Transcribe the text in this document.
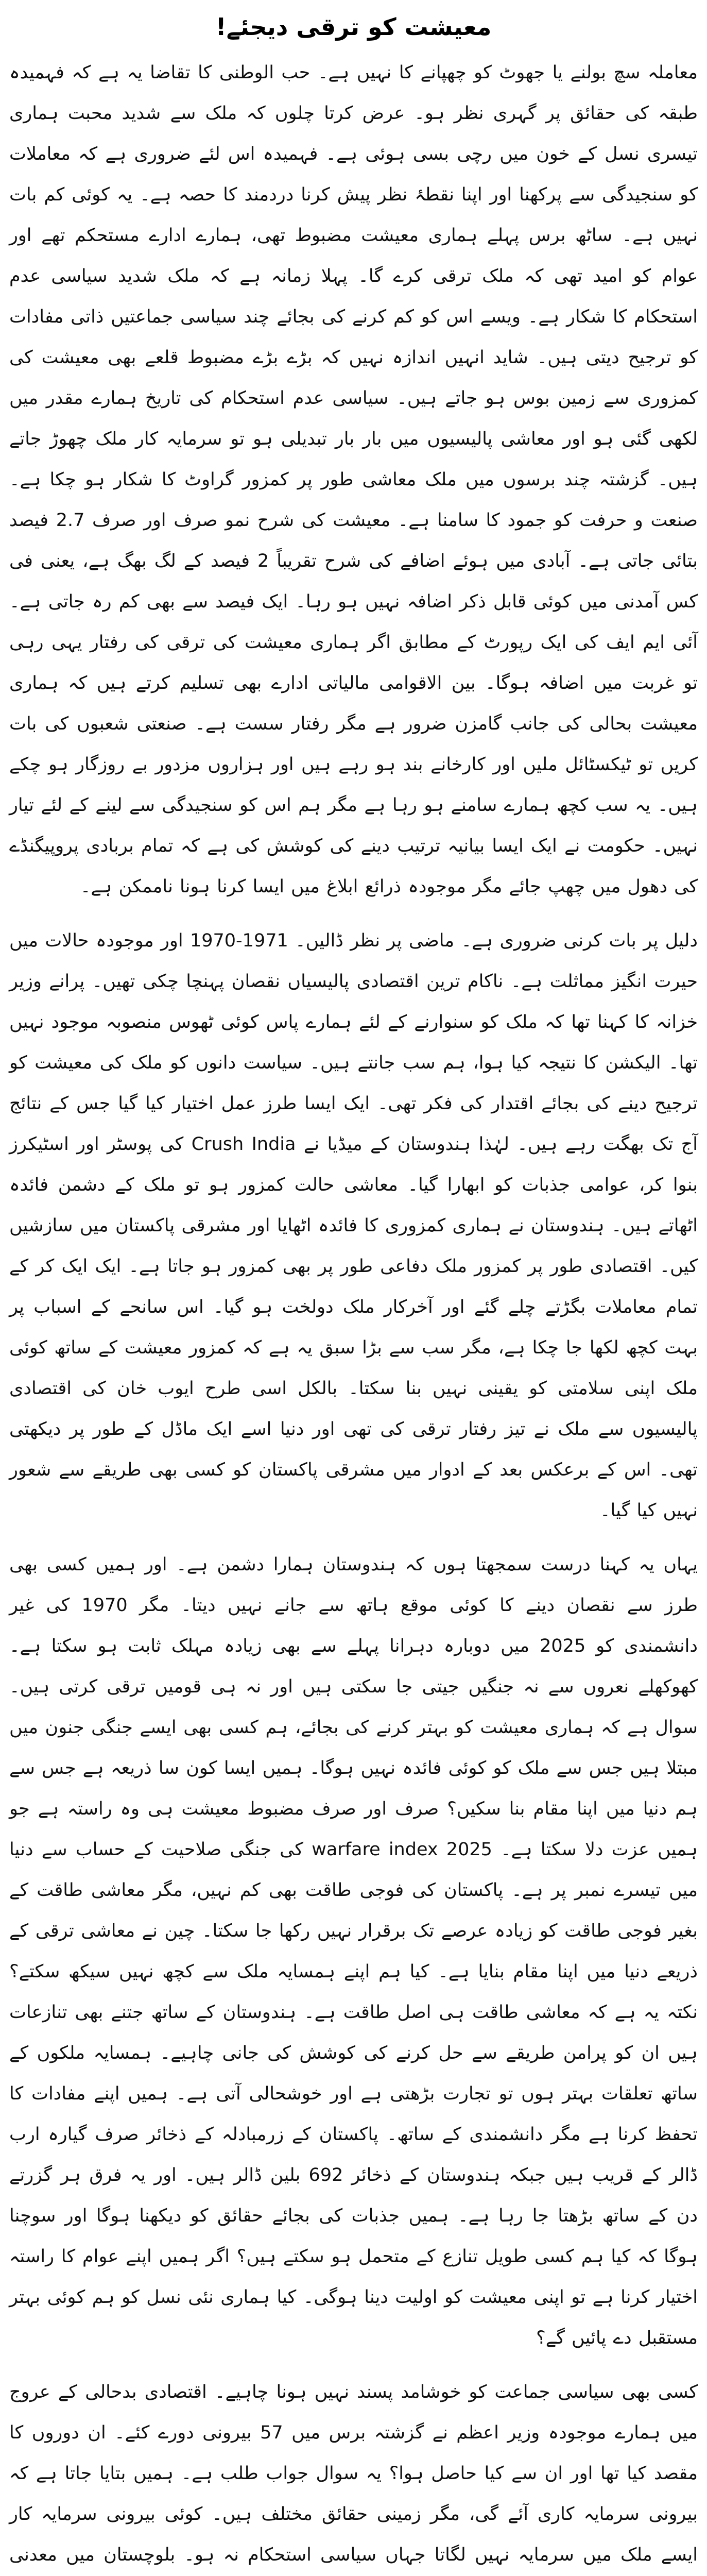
معیشت کو ترقی دیجئے!

معاملہ سچ بولنے یا جھوٹ کو چھپانے کا نہیں ہے۔ حب الوطنی کا تقاضا یہ ہے کہ فہمیدہ طبقہ کی حقائق پر گہری نظر ہو۔ عرض کرتا چلوں کہ ملک سے شدید محبت ہماری تیسری نسل کے خون میں رچی بسی ہوئی ہے۔ فہمیدہ اس لئے ضروری ہے کہ معاملات کو سنجیدگی سے پرکھنا اور اپنا نقطۂ نظر پیش کرنا دردمند کا حصہ ہے۔ یہ کوئی کم بات نہیں ہے۔ ساٹھ برس پہلے ہماری معیشت مضبوط تھی، ہمارے ادارے مستحکم تھے اور عوام کو امید تھی کہ ملک ترقی کرے گا۔ پہلا زمانہ ہے کہ ملک شدید سیاسی عدم استحکام کا شکار ہے۔ ویسے اس کو کم کرنے کی بجائے چند سیاسی جماعتیں ذاتی مفادات کو ترجیح دیتی ہیں۔ شاید انہیں اندازہ نہیں کہ بڑے بڑے مضبوط قلعے بھی معیشت کی کمزوری سے زمین بوس ہو جاتے ہیں۔ سیاسی عدم استحکام کی تاریخ ہمارے مقدر میں لکھی گئی ہو اور معاشی پالیسیوں میں بار بار تبدیلی ہو تو سرمایہ کار ملک چھوڑ جاتے ہیں۔ گزشتہ چند برسوں میں ملک معاشی طور پر کمزور گراوٹ کا شکار ہو چکا ہے۔ صنعت و حرفت کو جمود کا سامنا ہے۔ معیشت کی شرح نمو صرف اور صرف 2.7 فیصد بتائی جاتی ہے۔ آبادی میں ہوئے اضافے کی شرح تقریباً 2 فیصد کے لگ بھگ ہے، یعنی فی کس آمدنی میں کوئی قابل ذکر اضافہ نہیں ہو رہا۔ ایک فیصد سے بھی کم رہ جاتی ہے۔ آئی ایم ایف کی ایک رپورٹ کے مطابق اگر ہماری معیشت کی ترقی کی رفتار یہی رہی تو غربت میں اضافہ ہوگا۔ بین الاقوامی مالیاتی ادارے بھی تسلیم کرتے ہیں کہ ہماری معیشت بحالی کی جانب گامزن ضرور ہے مگر رفتار سست ہے۔ صنعتی شعبوں کی بات کریں تو ٹیکسٹائل ملیں اور کارخانے بند ہو رہے ہیں اور ہزاروں مزدور بے روزگار ہو چکے ہیں۔ یہ سب کچھ ہمارے سامنے ہو رہا ہے مگر ہم اس کو سنجیدگی سے لینے کے لئے تیار نہیں۔ حکومت نے ایک ایسا بیانیہ ترتیب دینے کی کوشش کی ہے کہ تمام بربادی پروپیگنڈے کی دھول میں چھپ جائے مگر موجودہ ذرائع ابلاغ میں ایسا کرنا ہونا ناممکن ہے۔

دلیل پر بات کرنی ضروری ہے۔ ماضی پر نظر ڈالیں۔ 1971-1970 اور موجودہ حالات میں حیرت انگیز مماثلت ہے۔ ناکام ترین اقتصادی پالیسیاں نقصان پہنچا چکی تھیں۔ پرانے وزیر خزانہ کا کہنا تھا کہ ملک کو سنوارنے کے لئے ہمارے پاس کوئی ٹھوس منصوبہ موجود نہیں تھا۔ الیکشن کا نتیجہ کیا ہوا، ہم سب جانتے ہیں۔ سیاست دانوں کو ملک کی معیشت کو ترجیح دینے کی بجائے اقتدار کی فکر تھی۔ ایک ایسا طرز عمل اختیار کیا گیا جس کے نتائج آج تک بھگت رہے ہیں۔ لہٰذا ہندوستان کے میڈیا نے Crush India کی پوسٹر اور اسٹیکرز بنوا کر، عوامی جذبات کو ابھارا گیا۔ معاشی حالت کمزور ہو تو ملک کے دشمن فائدہ اٹھاتے ہیں۔ ہندوستان نے ہماری کمزوری کا فائدہ اٹھایا اور مشرقی پاکستان میں سازشیں کیں۔ اقتصادی طور پر کمزور ملک دفاعی طور پر بھی کمزور ہو جاتا ہے۔ ایک ایک کر کے تمام معاملات بگڑتے چلے گئے اور آخرکار ملک دولخت ہو گیا۔ اس سانحے کے اسباب پر بہت کچھ لکھا جا چکا ہے، مگر سب سے بڑا سبق یہ ہے کہ کمزور معیشت کے ساتھ کوئی ملک اپنی سلامتی کو یقینی نہیں بنا سکتا۔ بالکل اسی طرح ایوب خان کی اقتصادی پالیسیوں سے ملک نے تیز رفتار ترقی کی تھی اور دنیا اسے ایک ماڈل کے طور پر دیکھتی تھی۔ اس کے برعکس بعد کے ادوار میں مشرقی پاکستان کو کسی بھی طریقے سے شعور نہیں کیا گیا۔

یہاں یہ کہنا درست سمجھتا ہوں کہ ہندوستان ہمارا دشمن ہے۔ اور ہمیں کسی بھی طرز سے نقصان دینے کا کوئی موقع ہاتھ سے جانے نہیں دیتا۔ مگر 1970 کی غیر دانشمندی کو 2025 میں دوبارہ دہرانا پہلے سے بھی زیادہ مہلک ثابت ہو سکتا ہے۔ کھوکھلے نعروں سے نہ جنگیں جیتی جا سکتی ہیں اور نہ ہی قومیں ترقی کرتی ہیں۔ سوال ہے کہ ہماری معیشت کو بہتر کرنے کی بجائے، ہم کسی بھی ایسے جنگی جنون میں مبتلا ہیں جس سے ملک کو کوئی فائدہ نہیں ہوگا۔ ہمیں ایسا کون سا ذریعہ ہے جس سے ہم دنیا میں اپنا مقام بنا سکیں؟ صرف اور صرف مضبوط معیشت ہی وہ راستہ ہے جو ہمیں عزت دلا سکتا ہے۔ warfare index 2025 کی جنگی صلاحیت کے حساب سے دنیا میں تیسرے نمبر پر ہے۔ پاکستان کی فوجی طاقت بھی کم نہیں، مگر معاشی طاقت کے بغیر فوجی طاقت کو زیادہ عرصے تک برقرار نہیں رکھا جا سکتا۔ چین نے معاشی ترقی کے ذریعے دنیا میں اپنا مقام بنایا ہے۔ کیا ہم اپنے ہمسایہ ملک سے کچھ نہیں سیکھ سکتے؟ نکتہ یہ ہے کہ معاشی طاقت ہی اصل طاقت ہے۔ ہندوستان کے ساتھ جتنے بھی تنازعات ہیں ان کو پرامن طریقے سے حل کرنے کی کوشش کی جانی چاہیے۔ ہمسایہ ملکوں کے ساتھ تعلقات بہتر ہوں تو تجارت بڑھتی ہے اور خوشحالی آتی ہے۔ ہمیں اپنے مفادات کا تحفظ کرنا ہے مگر دانشمندی کے ساتھ۔ پاکستان کے زرمبادلہ کے ذخائر صرف گیارہ ارب ڈالر کے قریب ہیں جبکہ ہندوستان کے ذخائر 692 بلین ڈالر ہیں۔ اور یہ فرق ہر گزرتے دن کے ساتھ بڑھتا جا رہا ہے۔ ہمیں جذبات کی بجائے حقائق کو دیکھنا ہوگا اور سوچنا ہوگا کہ کیا ہم کسی طویل تنازع کے متحمل ہو سکتے ہیں؟ اگر ہمیں اپنے عوام کا راستہ اختیار کرنا ہے تو اپنی معیشت کو اولیت دینا ہوگی۔ کیا ہماری نئی نسل کو ہم کوئی بہتر مستقبل دے پائیں گے؟

کسی بھی سیاسی جماعت کو خوشامد پسند نہیں ہونا چاہیے۔ اقتصادی بدحالی کے عروج میں ہمارے موجودہ وزیر اعظم نے گزشتہ برس میں 57 بیرونی دورے کئے۔ ان دوروں کا مقصد کیا تھا اور ان سے کیا حاصل ہوا؟ یہ سوال جواب طلب ہے۔ ہمیں بتایا جاتا ہے کہ بیرونی سرمایہ کاری آئے گی، مگر زمینی حقائق مختلف ہیں۔ کوئی بیرونی سرمایہ کار ایسے ملک میں سرمایہ نہیں لگاتا جہاں سیاسی استحکام نہ ہو۔ بلوچستان میں معدنی
